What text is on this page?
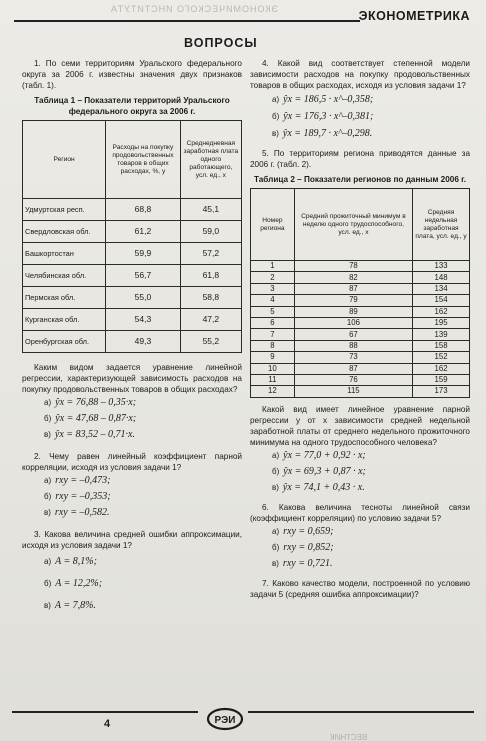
ЭКОНОМИЧЕСКОГО ИНСТИТУТА	ЭКОНОМЕТРИКА
ВОПРОСЫ

1. По семи территориям Уральского федерального округа за 2006 г. известны значения двух признаков (табл. 1).

Таблица 1 – Показатели территорий Уральского федерального округа за 2006 г.

Регион	Расходы на покупку продовольственных товаров в общих расходах, %, y	Среднедневная заработная плата одного работающего, усл. ед., x
Удмуртская респ.	68,8	45,1
Свердловская обл.	61,2	59,0
Башкортостан	59,9	57,2
Челябинская обл.	56,7	61,8
Пермская обл.	55,0	58,8
Курганская обл.	54,3	47,2
Оренбургская обл.	49,3	55,2

Каким видом задается уравнение линейной регрессии, характеризующей зависимость расходов на покупку продовольственных товаров в общих расходах?

а) ŷx = 76,88 – 0,35·x;
б) ŷx = 47,68 – 0,87·x;
в) ŷx = 83,52 – 0,71·x.

2. Чему равен линейный коэффициент парной корреляции, исходя из условия задачи 1?

а) rxy = –0,473;
б) rxy = –0,353;
в) rxy = –0,582.

3. Какова величина средней ошибки аппроксимации, исходя из условия задачи 1?

а) A = 8,1%;
б) A = 12,2%;
в) A = 7,8%.

4. Какой вид соответствует степенной модели зависимости расходов на покупку продовольственных товаров в общих расходах, исходя из условия задачи 1?

а) ŷx = 186,5 · x^–0,358;
б) ŷx = 176,3 · x^–0,381;
в) ŷx = 189,7 · x^–0,298.

5. По территориям региона приводятся данные за 2006 г. (табл. 2).

Таблица 2 – Показатели регионов по данным 2006 г.

Номер региона	Средний прожиточный минимум в неделю одного трудоспособного, усл. ед., x	Средняя недельная заработная плата, усл. ед., y
1	78	133
2	82	148
3	87	134
4	79	154
5	89	162
6	106	195
7	67	139
8	88	158
9	73	152
10	87	162
11	76	159
12	115	173

Какой вид имеет линейное уравнение парной регрессии y от x зависимости средней недельной заработной платы от среднего недельного прожиточного минимума на одного трудоспособного человека?

а) ŷx = 77,0 + 0,92 · x;
б) ŷx = 69,3 + 0,87 · x;
в) ŷx = 74,1 + 0,43 · x.

6. Какова величина тесноты линейной связи (коэффициент корреляции) по условию задачи 5?

а) rxy = 0,659;
б) rxy = 0,852;
в) rxy = 0,721.

7. Каково качество модели, построенной по условию задачи 5 (средняя ошибка аппроксимации)?

4	РЭИ
ВЕСТНИК
